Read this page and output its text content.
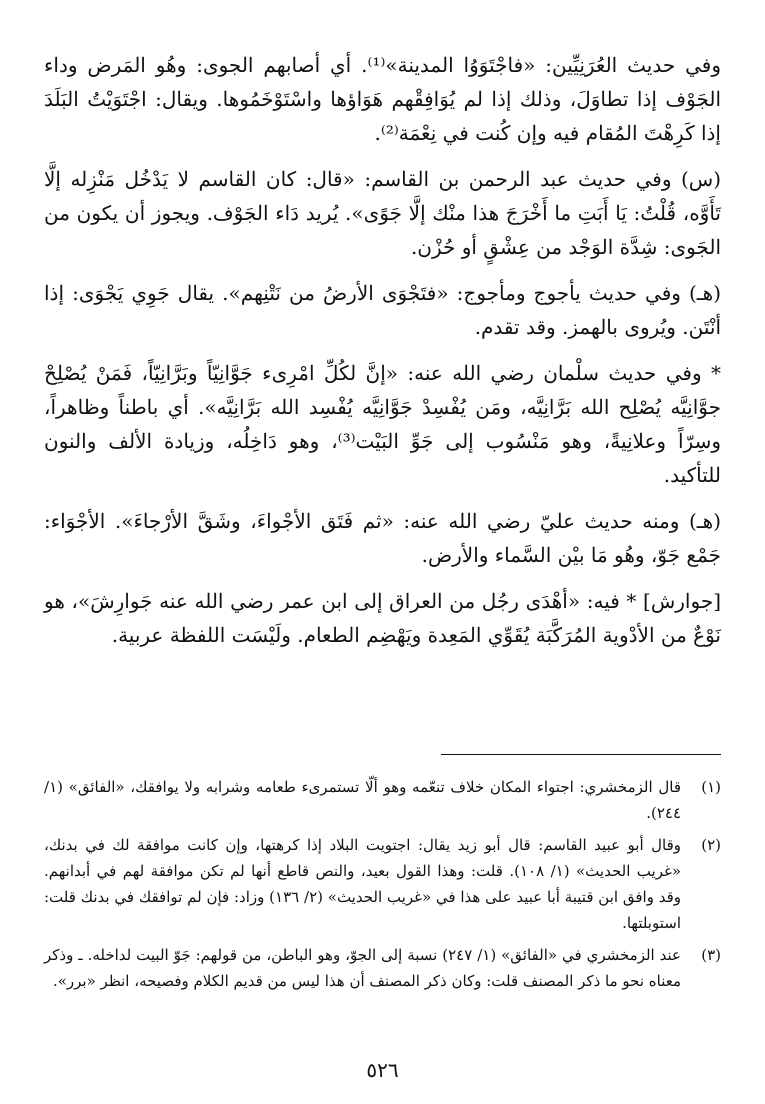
وفي حديث العُرَنِيِّين: «فاجْتَوَوُا المدينة»⁽¹⁾. أي أصابهم الجوى: وهُو المَرض وداء الجَوْف إذا تطاوَلَ، وذلك إذا لم يُوَافِقْهم هَوَاؤها واسْتَوْخَمُوها. ويقال: اجْتَوَيْتُ البَلَدَ إذا كَرِهْتَ المُقام فيه وإن كُنت في نِعْمَة⁽²⁾.

(س) وفي حديث عبد الرحمن بن القاسم: «قال: كان القاسم لا يَدْخُل مَنْزِله إلَّا تَأَوَّه، قُلْتُ: يَا أَبَتِ ما أَخْرَجَ هذا منْك إلَّا جَوًى». يُريد دَاء الجَوْف. ويجوز أن يكون من الجَوى: شِدَّة الوَجْد من عِشْقٍ أو حُزْن.

(هـ) وفي حديث يأجوج ومأجوج: «فتَجْوَى الأرضُ من نَتْنِهم». يقال جَوِي يَجْوَى: إذا أنْتَن. ويُروى بالهمز. وقد تقدم.

* وفي حديث سلْمان رضي الله عنه: «إنَّ لكُلِّ امْرِىء جَوَّانِيّاً وبَرَّانِيّاً، فَمَنْ يُصْلِحْ جوَّانِيَّه يُصْلِح الله بَرَّانِيَّه، ومَن يُفْسِدْ جَوَّانِيَّه يُفْسِد الله بَرَّانِيَّه». أي باطناً وظاهراً، وسِرّاً وعلانِيةً، وهو مَنْسُوب إلى جَوِّ البَيْت⁽³⁾، وهو دَاخِلُه، وزيادة الألف والنون للتأكيد.

(هـ) ومنه حديث عليّ رضي الله عنه: «ثم فَتَق الأجْواءَ، وشَقَّ الأرْجاءَ». الأجْوَاء: جَمْع جَوّ، وهُو مَا بيْن السَّماء والأرض.

[جوارش] * فيه: «أهْدَى رجُل من العراق إلى ابن عمر رضي الله عنه جَوارِشَ»، هو نَوْعٌ من الأدْوية المُرَكَّبَة يُقَوِّي المَعِدة ويَهْضِم الطعام. ولَيْسَت اللفظة عربية.

(١)
قال الزمخشري: اجتواء المكان خلاف تنعّمه وهو ألّا تستمرىء طعامه وشرابه ولا يوافقك، «الفائق» (١/ ٢٤٤).
(٢)
وقال أبو عبيد القاسم: قال أبو زيد يقال: اجتويت البلاد إذا كرهتها، وإن كانت موافقة لك في بدنك، «غريب الحديث» (١/ ١٠٨). قلت: وهذا القول بعيد، والنص قاطع أنها لم تكن موافقة لهم في أبدانهم. وقد وافق ابن قتيبة أبا عبيد على هذا في «غريب الحديث» (٢/ ١٣٦) وزاد: فإن لم توافقك في بدنك قلت: استوبلتها.
(٣)
عند الزمخشري في «الفائق» (١/ ٢٤٧) نسبة إلى الجوّ، وهو الباطن، من قولهم: جَوّ البيت لداخله. ـ وذكر معناه نحو ما ذكر المصنف قلت: وكان ذكر المصنف أن هذا ليس من قديم الكلام وفصيحه، انظر «برر».
٥٢٦
